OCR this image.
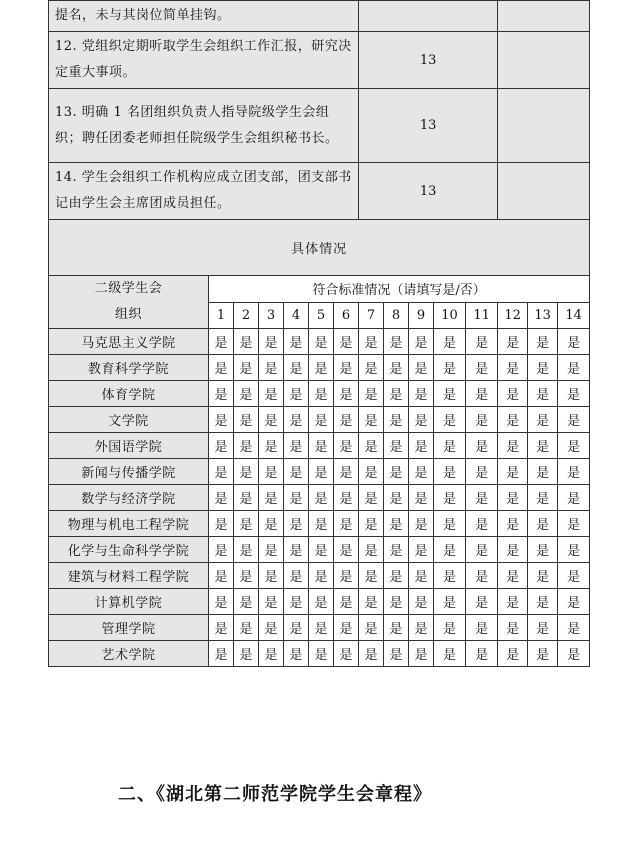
提名，未与其岗位简单挂钩。														
12. 党组织定期听取学生会组织工作汇报，研究决定重大事项。							13							
13. 明确 1 名团组织负责人指导院级学生会组织；聘任团委老师担任院级学生会组织秘书长。							13							
14. 学生会组织工作机构应成立团支部，团支部书记由学生会主席团成员担任。							13							
具体情况														

二级学生会
组织	符合标准情况（请填写是/否）													
	1	2	3	4	5	6	7	8	9	10	11	12	13	14
马克思主义学院	是	是	是	是	是	是	是	是	是	是	是	是	是	是
教育科学学院	是	是	是	是	是	是	是	是	是	是	是	是	是	是
体育学院	是	是	是	是	是	是	是	是	是	是	是	是	是	是
文学院	是	是	是	是	是	是	是	是	是	是	是	是	是	是
外国语学院	是	是	是	是	是	是	是	是	是	是	是	是	是	是
新闻与传播学院	是	是	是	是	是	是	是	是	是	是	是	是	是	是
数学与经济学院	是	是	是	是	是	是	是	是	是	是	是	是	是	是
物理与机电工程学院	是	是	是	是	是	是	是	是	是	是	是	是	是	是
化学与生命科学学院	是	是	是	是	是	是	是	是	是	是	是	是	是	是
建筑与材料工程学院	是	是	是	是	是	是	是	是	是	是	是	是	是	是
计算机学院	是	是	是	是	是	是	是	是	是	是	是	是	是	是
管理学院	是	是	是	是	是	是	是	是	是	是	是	是	是	是
艺术学院	是	是	是	是	是	是	是	是	是	是	是	是	是	是
二、《湖北第二师范学院学生会章程》
